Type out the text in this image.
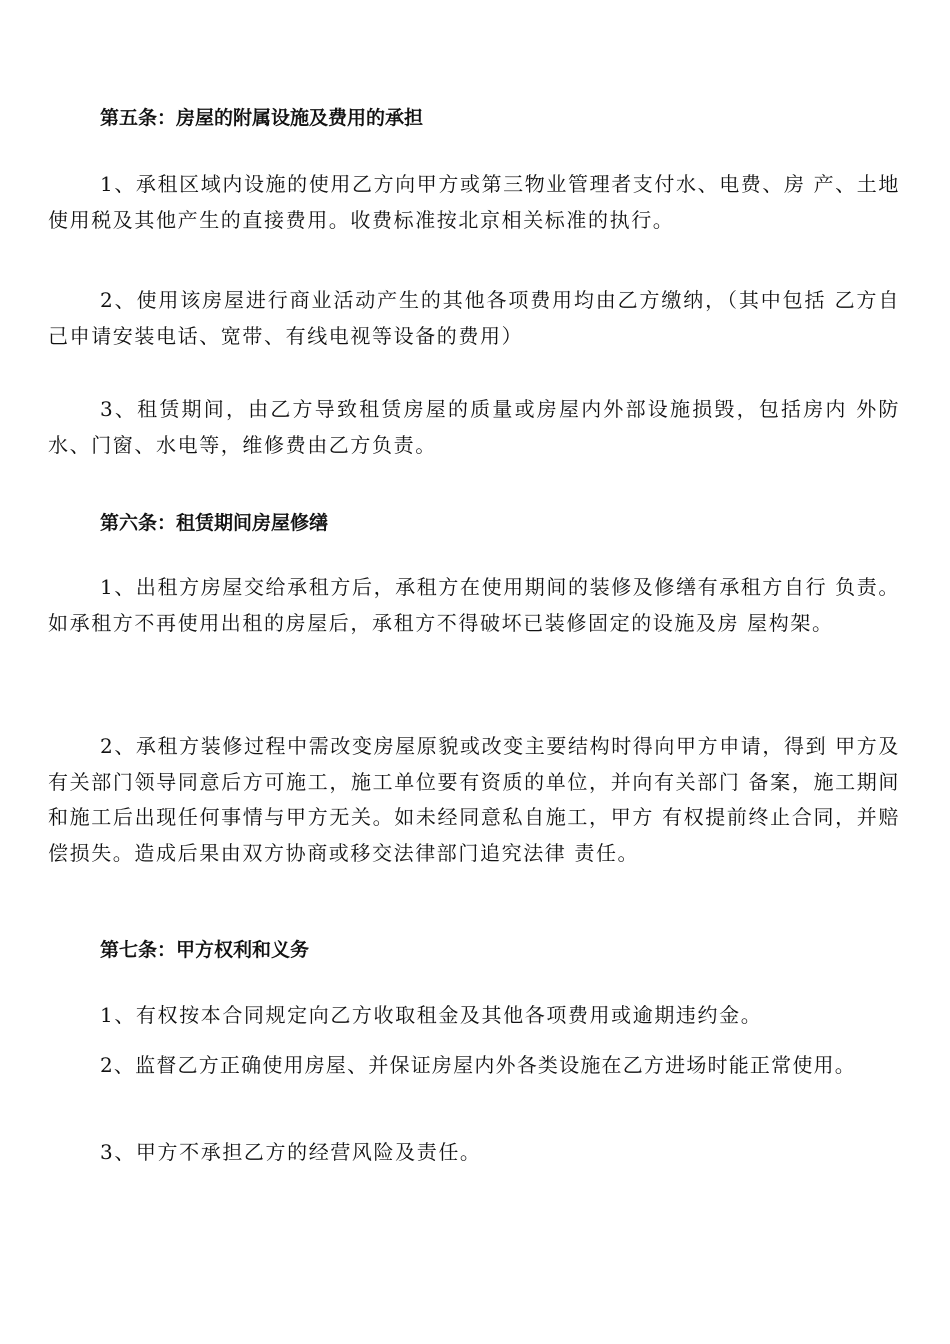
第五条：房屋的附属设施及费用的承担

1、承租区域内设施的使用乙方向甲方或第三物业管理者支付水、电费、房 产、土地使用税及其他产生的直接费用。收费标准按北京相关标准的执行。

2、使用该房屋进行商业活动产生的其他各项费用均由乙方缴纳，（其中包括 乙方自己申请安装电话、宽带、有线电视等设备的费用）

3、租赁期间，由乙方导致租赁房屋的质量或房屋内外部设施损毁，包括房内 外防水、门窗、水电等，维修费由乙方负责。

第六条：租赁期间房屋修缮

1、出租方房屋交给承租方后，承租方在使用期间的装修及修缮有承租方自行 负责。如承租方不再使用出租的房屋后，承租方不得破坏已装修固定的设施及房 屋构架。

2、承租方装修过程中需改变房屋原貌或改变主要结构时得向甲方申请，得到 甲方及有关部门领导同意后方可施工，施工单位要有资质的单位，并向有关部门 备案，施工期间和施工后出现任何事情与甲方无关。如未经同意私自施工，甲方 有权提前终止合同，并赔偿损失。造成后果由双方协商或移交法律部门追究法律 责任。

第七条：甲方权利和义务

1、有权按本合同规定向乙方收取租金及其他各项费用或逾期违约金。

2、监督乙方正确使用房屋、并保证房屋内外各类设施在乙方进场时能正常使用。

3、甲方不承担乙方的经营风险及责任。
